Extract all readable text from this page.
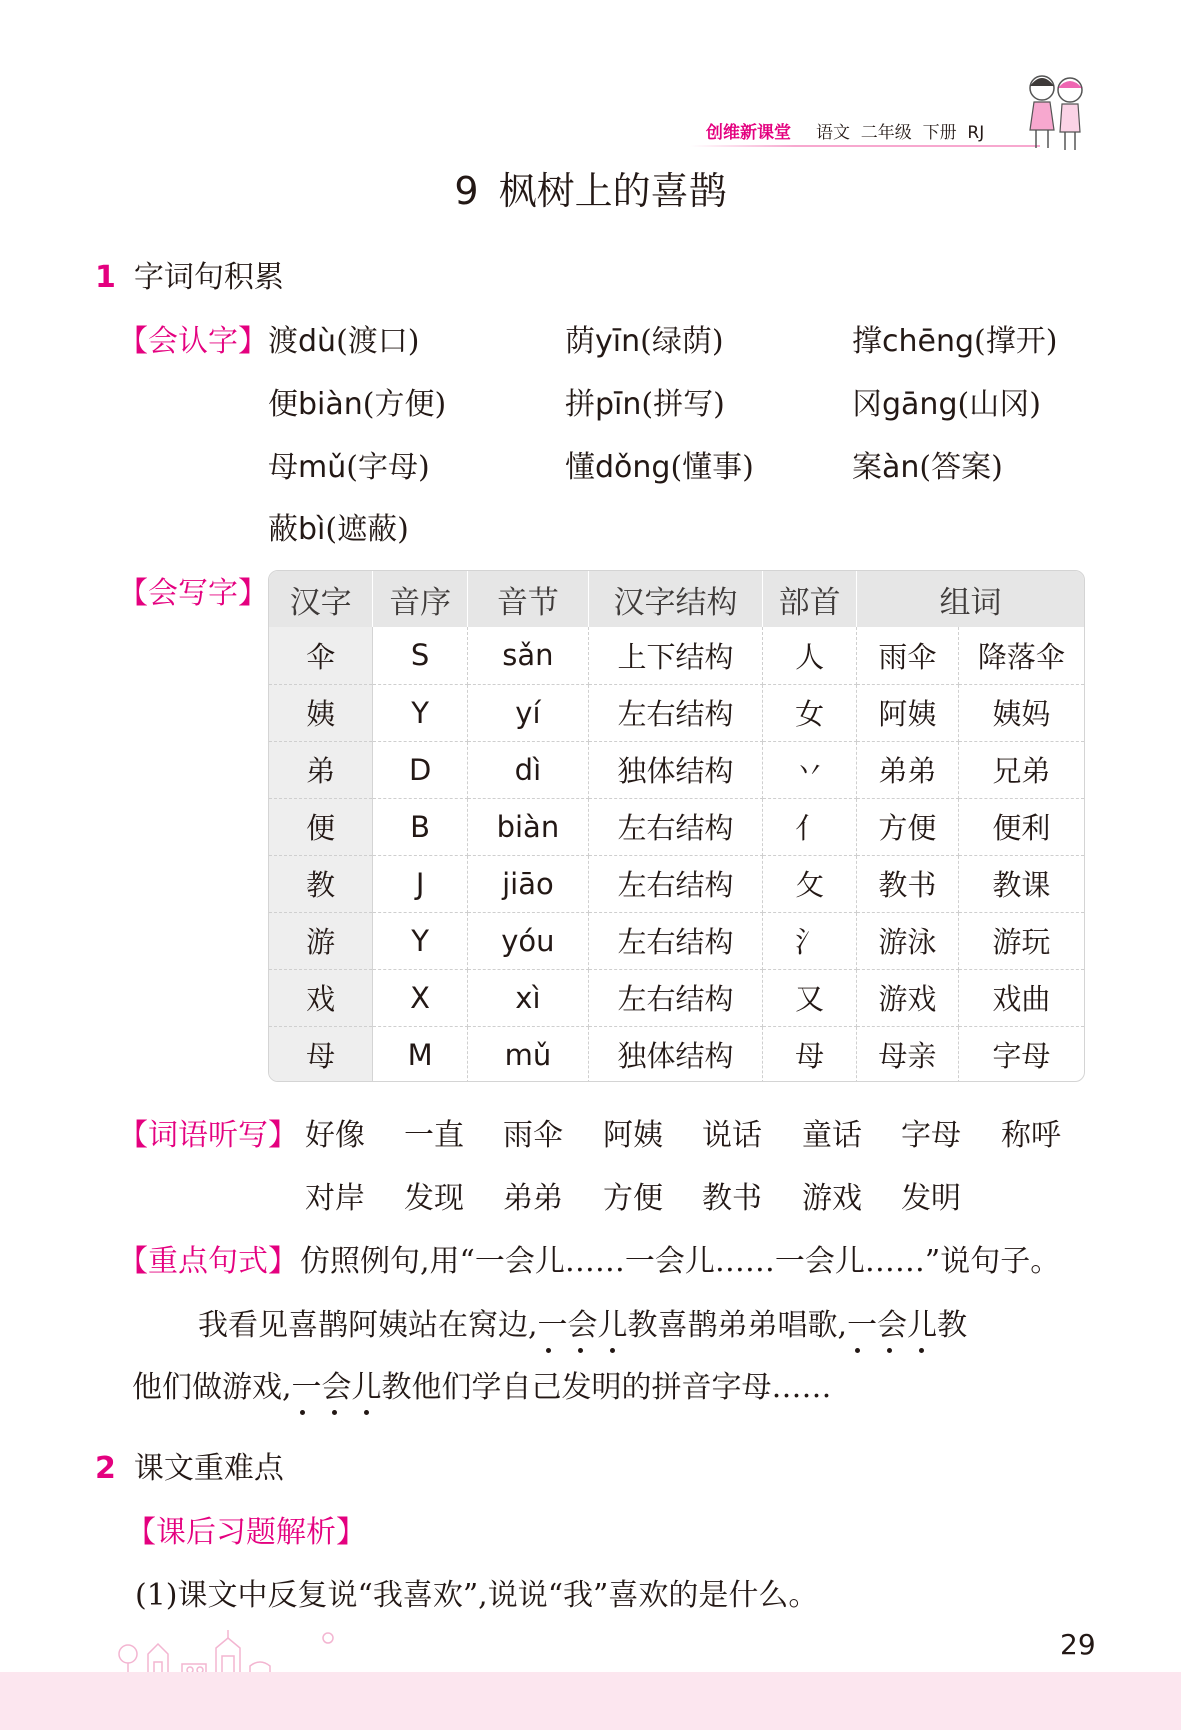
创维新课堂 语文  二年级  下册  RJ
9 枫树上的喜鹊
1 字词句积累
【会认字】 渡dù(渡口)	荫yīn(绿荫)	撑chēng(撑开)
便biàn(方便)	拼pīn(拼写)	冈gāng(山冈)
母mǔ(字母)	懂dǒng(懂事)	案àn(答案)
蔽bì(遮蔽)
【会写字】 汉字	音序	音节	汉字结构	部首	组词	
伞	S	sǎn	上下结构	人	雨伞	降落伞
姨	Y	yí	左右结构	女	阿姨	姨妈
弟	D	dì	独体结构	丷	弟弟	兄弟
便	B	biàn	左右结构	亻	方便	便利
教	J	jiāo	左右结构	攵	教书	教课
游	Y	yóu	左右结构	氵	游泳	游玩
戏	X	xì	左右结构	又	游戏	戏曲
母	M	mǔ	独体结构	母	母亲	字母
【词语听写】 好像 一直 雨伞 阿姨 说话 童话 字母 称呼
对岸 发现 弟弟 方便 教书 游戏 发明
【重点句式】 仿照例句,用“一会儿……一会儿……一会儿……”说句子。
我看见喜鹊阿姨站在窝边,一会儿
教喜鹊弟弟唱歌,一会儿
教
他们做游戏,一会儿
教他们学自己发明的拼音字母……
2 课文重难点
【课后习题解析】
(1)课文中反复说“我喜欢”,说说“我”喜欢的是什么。
29
